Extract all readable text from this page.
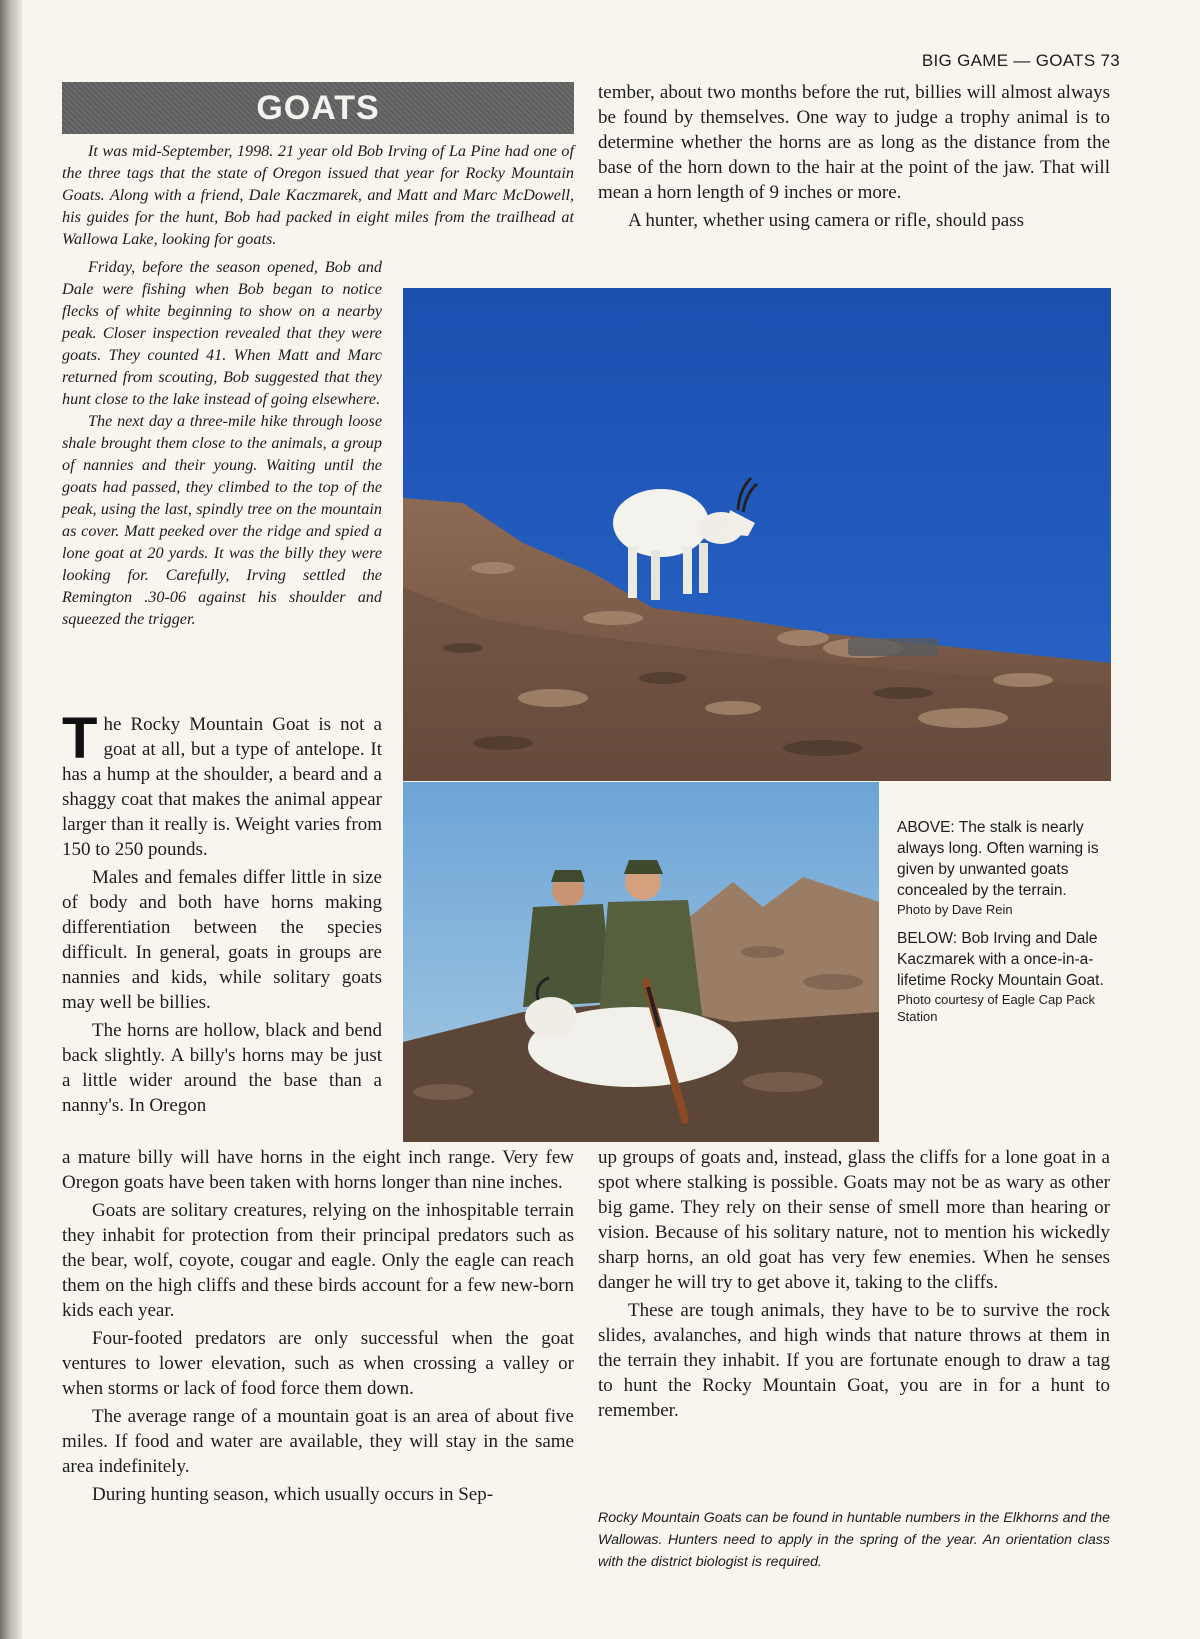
BIG GAME — GOATS 73
GOATS

It was mid-September, 1998. 21 year old Bob Irving of La Pine had one of the three tags that the state of Oregon issued that year for Rocky Mountain Goats. Along with a friend, Dale Kaczmarek, and Matt and Marc McDowell, his guides for the hunt, Bob had packed in eight miles from the trailhead at Wallowa Lake, looking for goats.

Friday, before the season opened, Bob and Dale were fishing when Bob began to notice flecks of white beginning to show on a nearby peak. Closer inspection revealed that they were goats. They counted 41. When Matt and Marc returned from scouting, Bob suggested that they hunt close to the lake instead of going elsewhere.

The next day a three-mile hike through loose shale brought them close to the animals, a group of nannies and their young. Waiting until the goats had passed, they climbed to the top of the peak, using the last, spindly tree on the mountain as cover. Matt peeked over the ridge and spied a lone goat at 20 yards. It was the billy they were looking for. Carefully, Irving settled the Remington .30-06 against his shoulder and squeezed the trigger.

The Rocky Mountain Goat is not a goat at all, but a type of antelope. It has a hump at the shoulder, a beard and a shaggy coat that makes the animal appear larger than it really is. Weight varies from 150 to 250 pounds.

Males and females differ little in size of body and both have horns making differentiation between the species difficult. In general, goats in groups are nannies and kids, while solitary goats may well be billies.

The horns are hollow, black and bend back slightly. A billy's horns may be just a little wider around the base than a nanny's. In Oregon

a mature billy will have horns in the eight inch range. Very few Oregon goats have been taken with horns longer than nine inches.

Goats are solitary creatures, relying on the inhospitable terrain they inhabit for protection from their principal predators such as the bear, wolf, coyote, cougar and eagle. Only the eagle can reach them on the high cliffs and these birds account for a few new-born kids each year.

Four-footed predators are only successful when the goat ventures to lower elevation, such as when crossing a valley or when storms or lack of food force them down.

The average range of a mountain goat is an area of about five miles. If food and water are available, they will stay in the same area indefinitely.

During hunting season, which usually occurs in Sep-

tember, about two months before the rut, billies will almost always be found by themselves. One way to judge a trophy animal is to determine whether the horns are as long as the distance from the base of the horn down to the hair at the point of the jaw. That will mean a horn length of 9 inches or more.

A hunter, whether using camera or rifle, should pass

up groups of goats and, instead, glass the cliffs for a lone goat in a spot where stalking is possible. Goats may not be as wary as other big game. They rely on their sense of smell more than hearing or vision. Because of his solitary nature, not to mention his wickedly sharp horns, an old goat has very few enemies. When he senses danger he will try to get above it, taking to the cliffs.

These are tough animals, they have to be to survive the rock slides, avalanches, and high winds that nature throws at them in the terrain they inhabit. If you are fortunate enough to draw a tag to hunt the Rocky Mountain Goat, you are in for a hunt to remember.

ABOVE: The stalk is nearly always long. Often warning is given by unwanted goats concealed by the terrain.

Photo by Dave Rein

BELOW: Bob Irving and Dale Kaczmarek with a once-in-a-lifetime Rocky Mountain Goat.

Photo courtesy of Eagle Cap Pack Station

Rocky Mountain Goats can be found in huntable numbers in the Elkhorns and the Wallowas. Hunters need to apply in the spring of the year. An orientation class with the district biologist is required.
